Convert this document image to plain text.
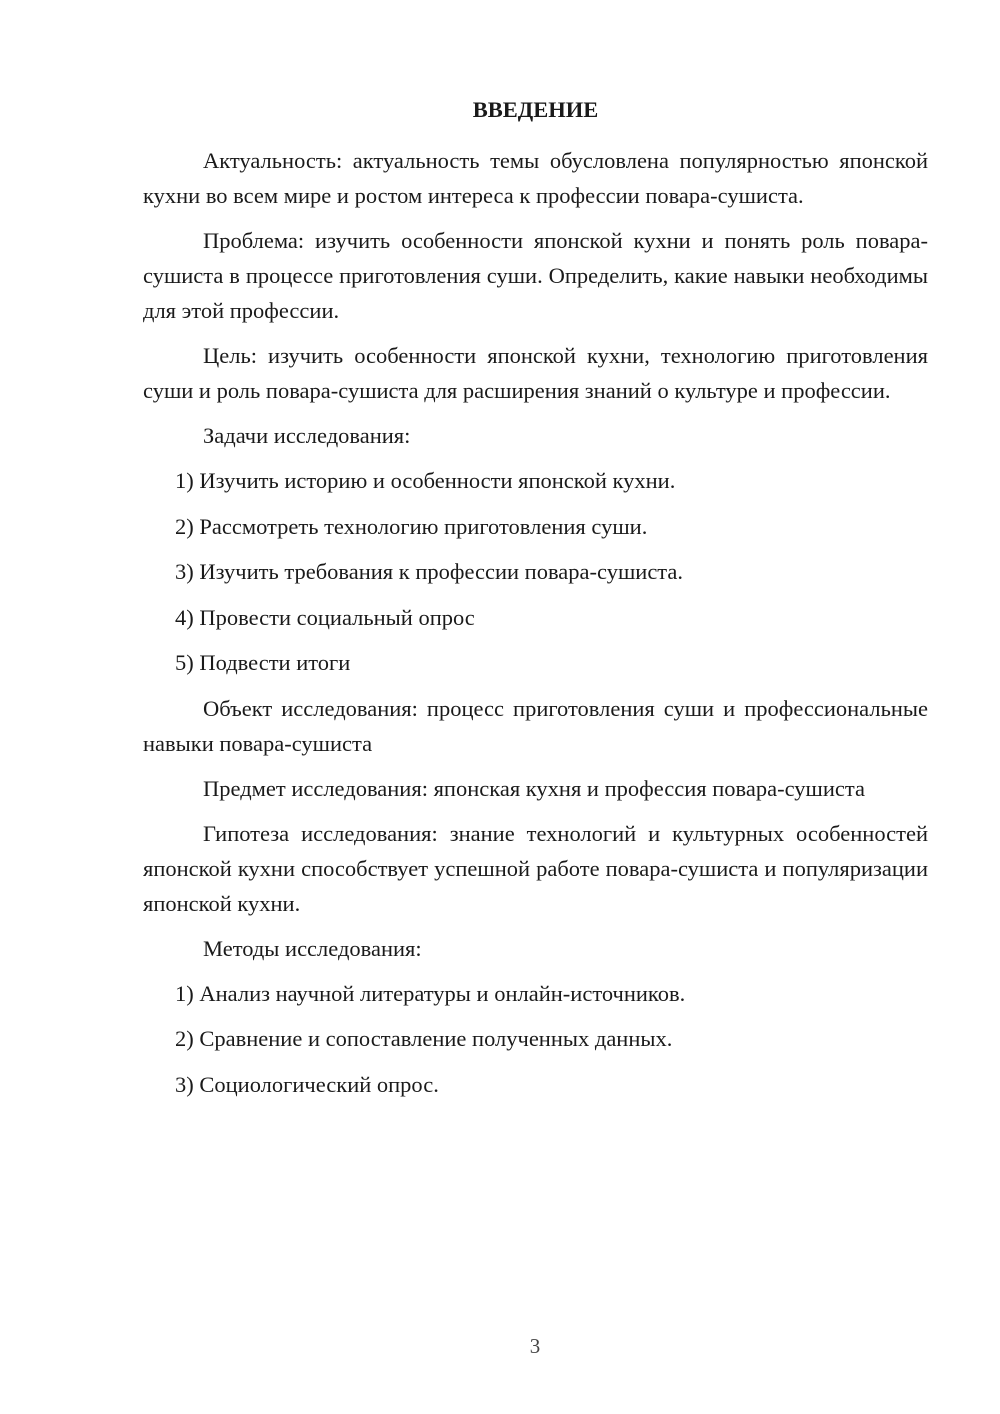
ВВЕДЕНИЕ

Актуальность: актуальность темы обусловлена популярностью японской кухни во всем мире и ростом интереса к профессии повара-сушиста.

Проблема: изучить особенности японской кухни и понять роль повара-сушиста в процессе приготовления суши. Определить, какие навыки необходимы для этой профессии.

Цель: изучить особенности японской кухни, технологию приготовления суши и роль повара-сушиста для расширения знаний о культуре и профессии.

Задачи исследования:

1) Изучить историю и особенности японской кухни.
2) Рассмотреть технологию приготовления суши.
3) Изучить требования к профессии повара-сушиста.
4) Провести социальный опрос
5) Подвести итоги

Объект исследования: процесс приготовления суши и профессиональные навыки повара-сушиста

Предмет исследования: японская кухня и профессия повара-сушиста

Гипотеза исследования: знание технологий и культурных особенностей японской кухни способствует успешной работе повара-сушиста и популяризации японской кухни.

Методы исследования:

1) Анализ научной литературы и онлайн-источников.
2) Сравнение и сопоставление полученных данных.
3) Социологический опрос.
3
